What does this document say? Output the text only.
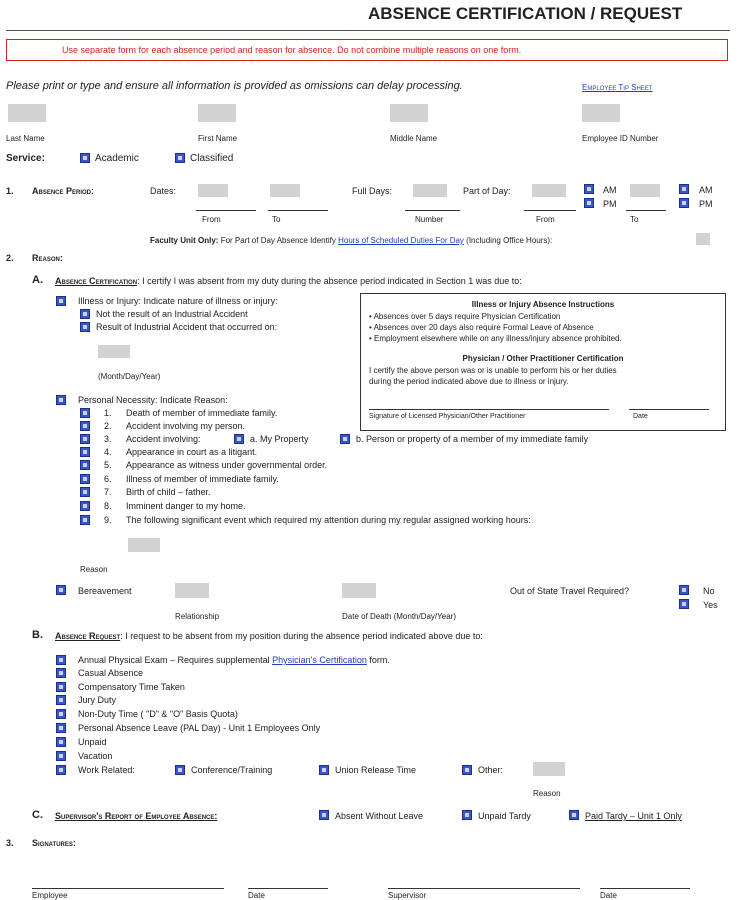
ABSENCE CERTIFICATION / REQUEST
Use separate form for each absence period and reason for absence. Do not combine multiple reasons on one form.
Please print or type and ensure all information is provided as omissions can delay processing.	Employee Tip Sheet
Last Name	First Name	Middle Name	Employee ID Number
Service:	Academic	Classified
1. Absence Period:	Dates:
From	To
Full Days:
Number
Part of Day:
From
AM
PM
To
AM
PM
Faculty Unit Only: For Part of Day Absence Identify Hours of Scheduled Duties For Day (Including Office Hours):
2. Reason:
A. Absence Certification: I certify I was absent from my duty during the absence period indicated in Section 1 was due to:
Illness or Injury: Indicate nature of illness or injury:
Not the result of an Industrial Accident
Result of Industrial Accident that occurred on:
(Month/Day/Year)
Illness or Injury Absence Instructions
• Absences over 5 days require Physician Certification
• Absences over 20 days also require Formal Leave of Absence
• Employment elsewhere while on any illness/injury absence prohibited.
Physician / Other Practitioner Certification
I certify the above person was or is unable to perform his or her duties
during the period indicated above due to illness or injury.
Signature of Licensed Physician/Other Practitioner	Date
Personal Necessity: Indicate Reason:
1. Death of member of immediate family.
2. Accident involving my person.
3. Accident involving:	a. My Property	b. Person or property of a member of my immediate family
4. Appearance in court as a litigant.
5. Appearance as witness under governmental order.
6. Illness of member of immediate family.
7. Birth of child – father.
8. Imminent danger to my home.
9. The following significant event which required my attention during my regular assigned working hours:
Reason
Bereavement
Relationship	Date of Death (Month/Day/Year)
Out of State Travel Required?	No
Yes
B. Absence Request: I request to be absent from my position during the absence period indicated above due to:
Annual Physical Exam – Requires supplemental Physician's Certification form.
Casual Absence
Compensatory Time Taken
Jury Duty
Non-Duty Time ( "D" & "O" Basis Quota)
Personal Absence Leave (PAL Day) - Unit 1 Employees Only
Unpaid
Vacation
Work Related:	Conference/Training	Union Release Time	Other:
Reason
C. Supervisor's Report of Employee Absence:	Absent Without Leave	Unpaid Tardy	Paid Tardy – Unit 1 Only
3. Signatures:
Employee	Date	Supervisor	Date
